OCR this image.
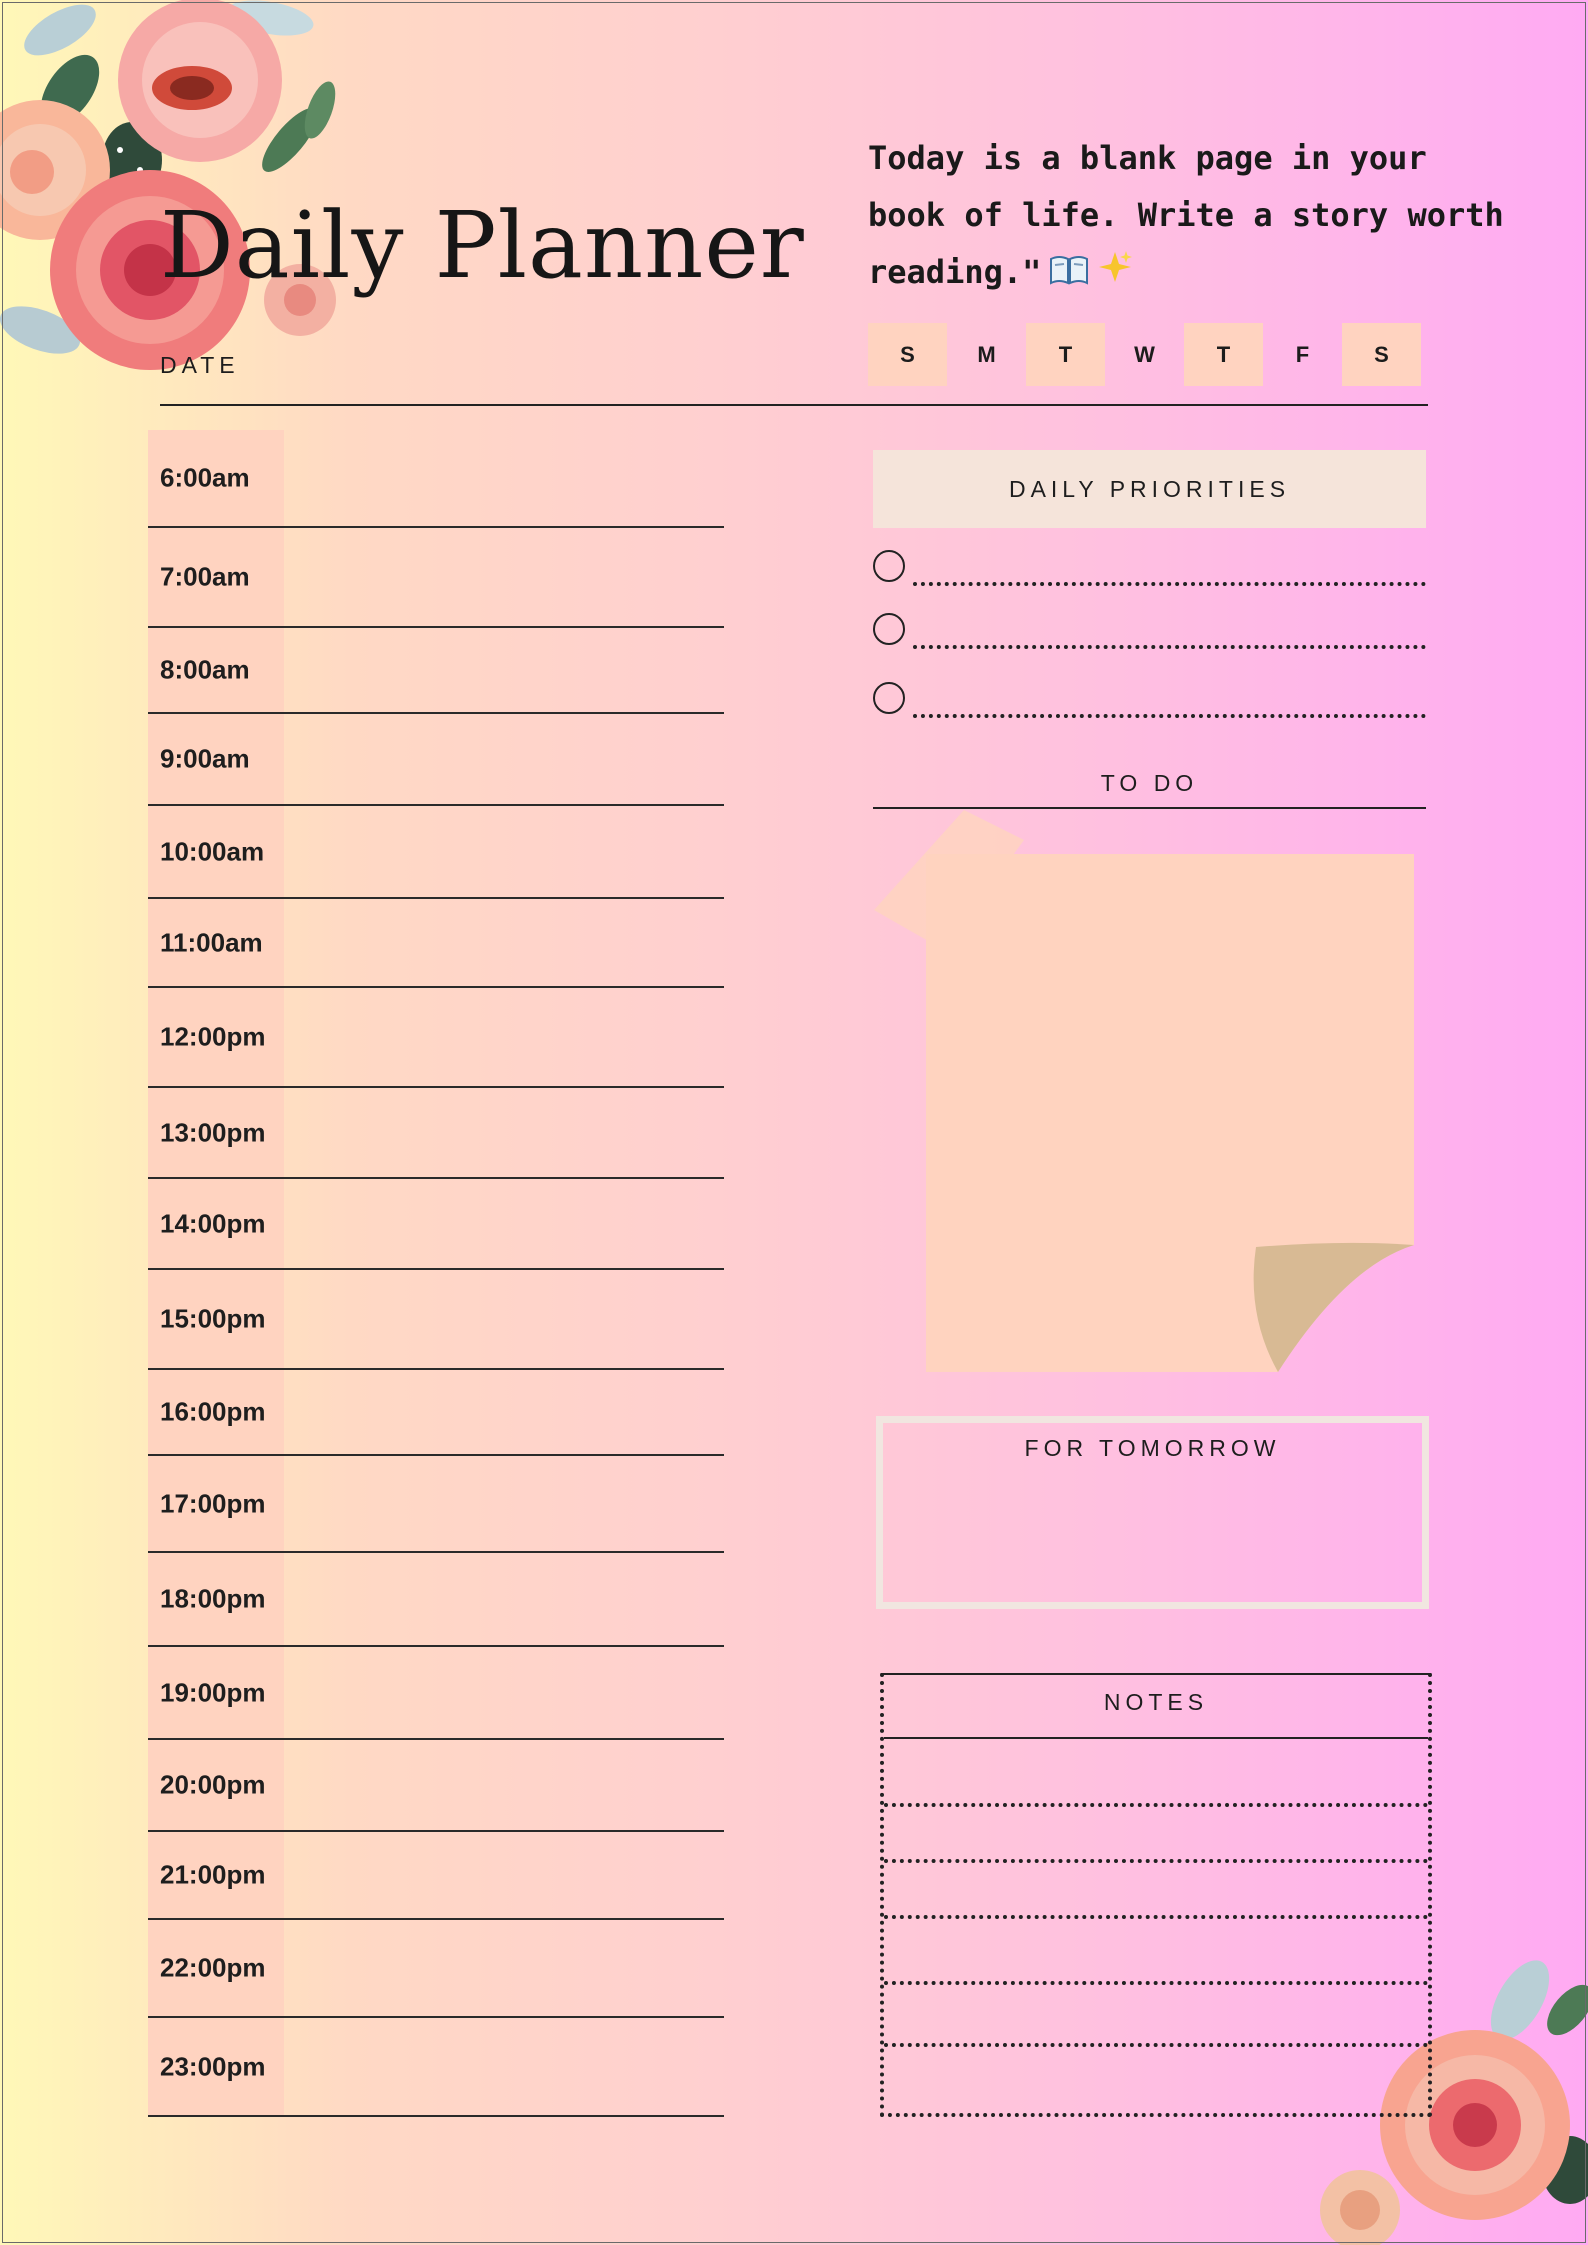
Daily Planner

Today is a blank page in your book of life. Write a story worth reading."

DATE	S	M	T	W	T	F	S
6:00am
7:00am
8:00am
9:00am
10:00am
11:00am
12:00pm
13:00pm
14:00pm
15:00pm
16:00pm
17:00pm
18:00pm
19:00pm
20:00pm
21:00pm
22:00pm
23:00pm
DAILY PRIORITIES
TO DO
FOR TOMORROW
NOTES
